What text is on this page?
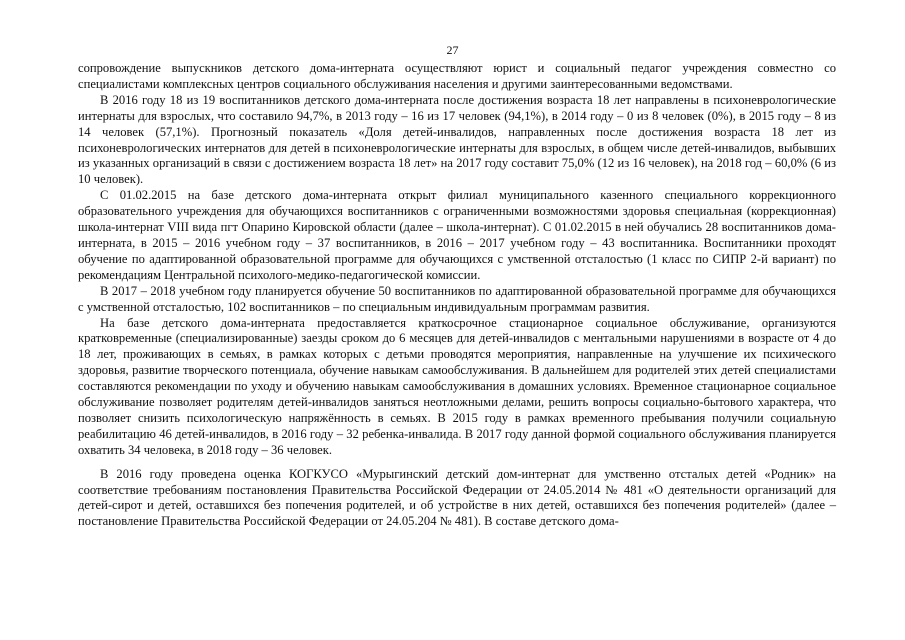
27

сопровождение выпускников детского дома-интерната осуществляют юрист и социальный педагог учреждения совместно со специалистами комплексных центров социального обслуживания населения и другими заинтересованными ведомствами.

В 2016 году 18 из 19 воспитанников детского дома-интерната после достижения возраста 18 лет направлены в психоневрологические интернаты для взрослых, что составило 94,7%, в 2013 году – 16 из 17 человек (94,1%), в 2014 году – 0 из 8 человек (0%), в 2015 году – 8 из 14 человек (57,1%). Прогнозный показатель «Доля детей-инвалидов, направленных после достижения возраста 18 лет из психоневрологических интернатов для детей в психоневрологические интернаты для взрослых, в общем числе детей-инвалидов, выбывших из указанных организаций в связи с достижением возраста 18 лет» на 2017 году составит 75,0% (12 из 16 человек), на 2018 год – 60,0% (6 из 10 человек).

С 01.02.2015 на базе детского дома-интерната открыт филиал муниципального казенного специального коррекционного образовательного учреждения для обучающихся воспитанников с ограниченными возможностями здоровья специальная (коррекционная) школа-интернат VIII вида пгт Опарино Кировской области (далее – школа-интернат). С 01.02.2015 в ней обучались 28 воспитанников дома-интерната, в 2015 – 2016 учебном году – 37 воспитанников, в 2016 – 2017 учебном году – 43 воспитанника. Воспитанники проходят обучение по адаптированной образовательной программе для обучающихся с умственной отсталостью (1 класс по СИПР 2-й вариант) по рекомендациям Центральной психолого-медико-педагогической комиссии.

В 2017 – 2018 учебном году планируется обучение 50 воспитанников по адаптированной образовательной программе для обучающихся с умственной отсталостью, 102 воспитанников – по специальным индивидуальным программам развития.

На базе детского дома-интерната предоставляется краткосрочное стационарное социальное обслуживание, организуются кратковременные (специализированные) заезды сроком до 6 месяцев для детей-инвалидов с ментальными нарушениями в возрасте от 4 до 18 лет, проживающих в семьях, в рамках которых с детьми проводятся мероприятия, направленные на улучшение их психического здоровья, развитие творческого потенциала, обучение навыкам самообслуживания. В дальнейшем для родителей этих детей специалистами составляются рекомендации по уходу и обучению навыкам самообслуживания в домашних условиях. Временное стационарное социальное обслуживание позволяет родителям детей-инвалидов заняться неотложными делами, решить вопросы социально-бытового характера, что позволяет снизить психологическую напряжённость в семьях. В 2015 году в рамках временного пребывания получили социальную реабилитацию 46 детей-инвалидов, в 2016 году – 32 ребенка-инвалида. В 2017 году данной формой социального обслуживания планируется охватить 34 человека, в 2018 году – 36 человек.

В 2016 году проведена оценка КОГКУСО «Мурыгинский детский дом-интернат для умственно отсталых детей «Родник» на соответствие требованиям постановления Правительства Российской Федерации от 24.05.2014 № 481 «О деятельности организаций для детей-сирот и детей, оставшихся без попечения родителей, и об устройстве в них детей, оставшихся без попечения родителей» (далее – постановление Правительства Российской Федерации от 24.05.204 № 481). В составе детского дома-
